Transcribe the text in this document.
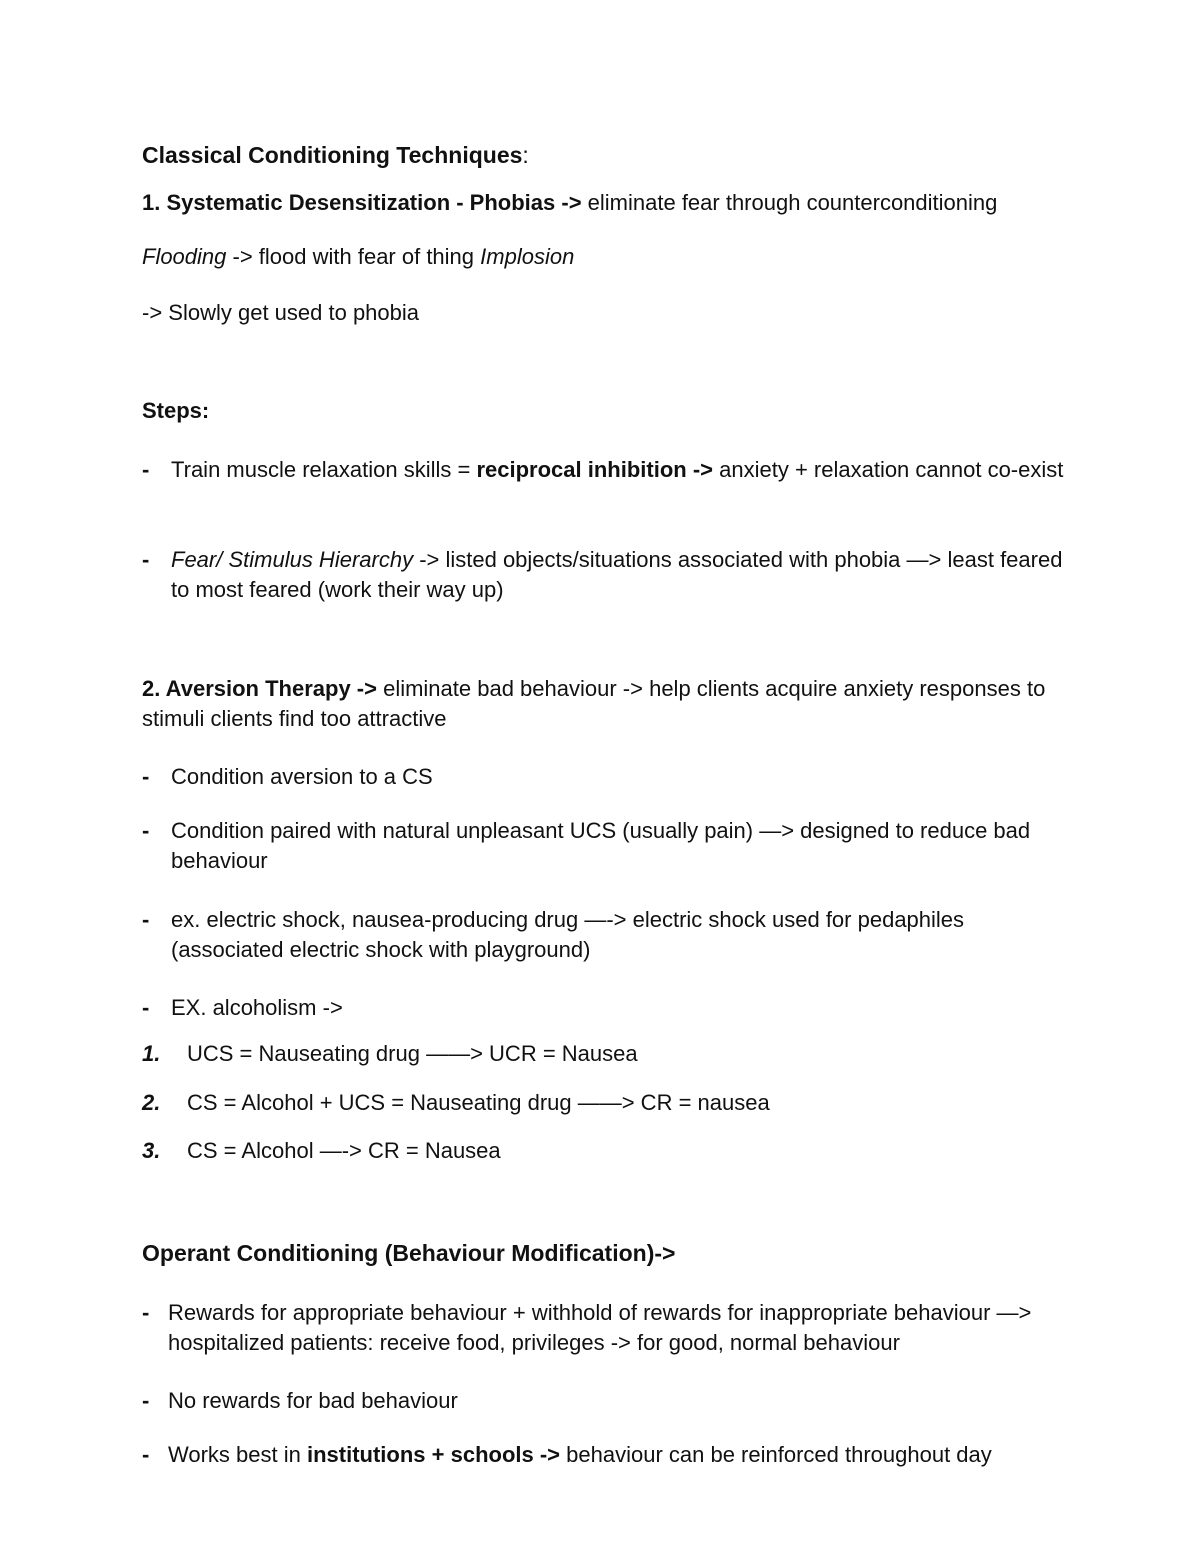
Classical Conditioning Techniques:

1. Systematic Desensitization - Phobias -> eliminate fear through counterconditioning

Flooding -> flood with fear of thing Implosion

-> Slowly get used to phobia

Steps:

- Train muscle relaxation skills = reciprocal inhibition -> anxiety + relaxation cannot co-exist
- Fear/ Stimulus Hierarchy -> listed objects/situations associated with phobia —> least feared to most feared (work their way up)
2. Aversion Therapy -> eliminate bad behaviour -> help clients acquire anxiety responses to stimuli clients find too attractive
- Condition aversion to a CS
- Condition paired with natural unpleasant UCS (usually pain) —> designed to reduce bad behaviour
- ex. electric shock, nausea-producing drug —-> electric shock used for pedaphiles (associated electric shock with playground)
- EX. alcoholism ->
1. UCS = Nauseating drug ——> UCR = Nausea
2. CS = Alcohol + UCS = Nauseating drug ——> CR = nausea
3. CS = Alcohol —-> CR = Nausea

Operant Conditioning (Behaviour Modification)->

- Rewards for appropriate behaviour + withhold of rewards for inappropriate behaviour —> hospitalized patients: receive food, privileges -> for good, normal behaviour
- No rewards for bad behaviour
- Works best in institutions + schools -> behaviour can be reinforced throughout day
